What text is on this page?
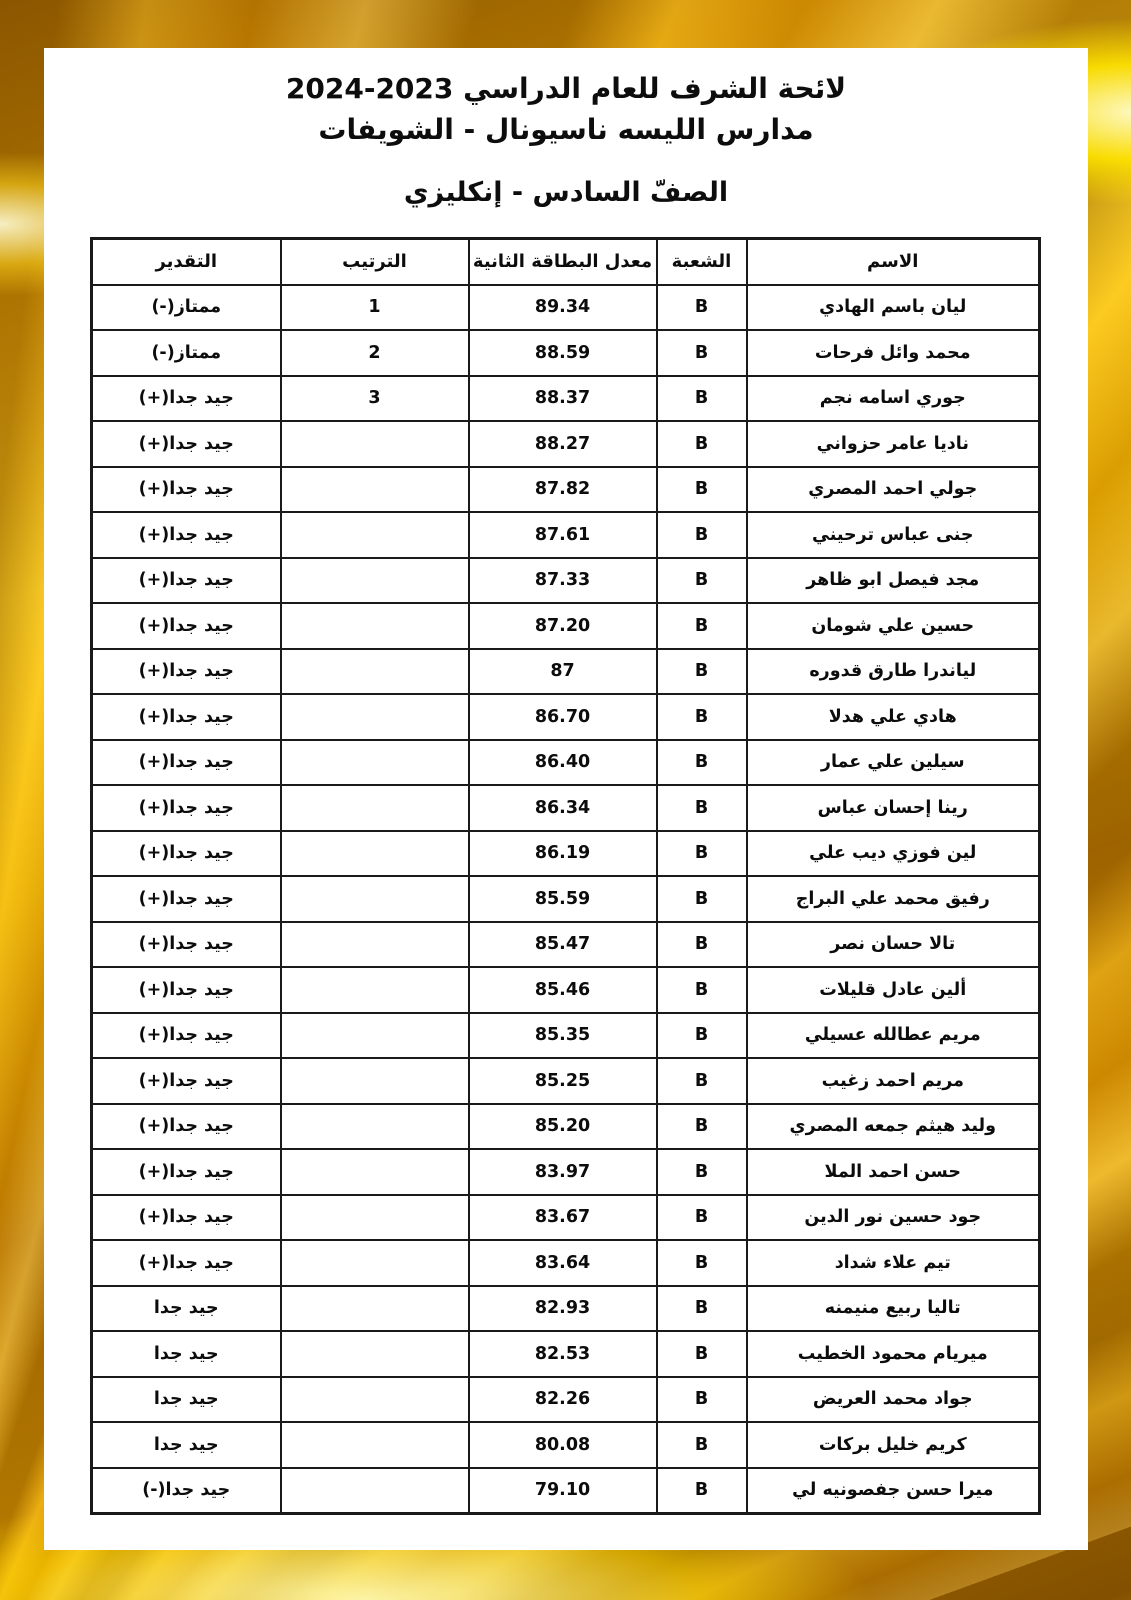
لائحة الشرف للعام الدراسي 2023-2024
مدارس الليسه ناسيونال - الشويفات
الصفّ السادس - إنكليزي
الاسم	الشعبة	معدل البطاقة الثانية	الترتيب	التقدير
ليان باسم الهادي	B	89.34	1	ممتاز(-)
محمد وائل فرحات	B	88.59	2	ممتاز(-)
جوري اسامه نجم	B	88.37	3	جيد جدا(+)
ناديا عامر حزواني	B	88.27		جيد جدا(+)
جولي احمد المصري	B	87.82		جيد جدا(+)
جنى عباس ترحيني	B	87.61		جيد جدا(+)
مجد فيصل ابو ظاهر	B	87.33		جيد جدا(+)
حسين علي شومان	B	87.20		جيد جدا(+)
لياندرا طارق قدوره	B	87		جيد جدا(+)
هادي علي هدلا	B	86.70		جيد جدا(+)
سيلين علي عمار	B	86.40		جيد جدا(+)
رينا إحسان عباس	B	86.34		جيد جدا(+)
لين فوزي ديب علي	B	86.19		جيد جدا(+)
رفيق محمد علي البراج	B	85.59		جيد جدا(+)
تالا حسان نصر	B	85.47		جيد جدا(+)
ألين عادل قليلات	B	85.46		جيد جدا(+)
مريم عطالله عسيلي	B	85.35		جيد جدا(+)
مريم احمد زغيب	B	85.25		جيد جدا(+)
وليد هيثم جمعه المصري	B	85.20		جيد جدا(+)
حسن احمد الملا	B	83.97		جيد جدا(+)
جود حسين نور الدين	B	83.67		جيد جدا(+)
تيم علاء شداد	B	83.64		جيد جدا(+)
تاليا ربيع منيمنه	B	82.93		جيد جدا
ميريام محمود الخطيب	B	82.53		جيد جدا
جواد محمد العريض	B	82.26		جيد جدا
كريم خليل بركات	B	80.08		جيد جدا
ميرا حسن جفصونيه لي	B	79.10		جيد جدا(-)
